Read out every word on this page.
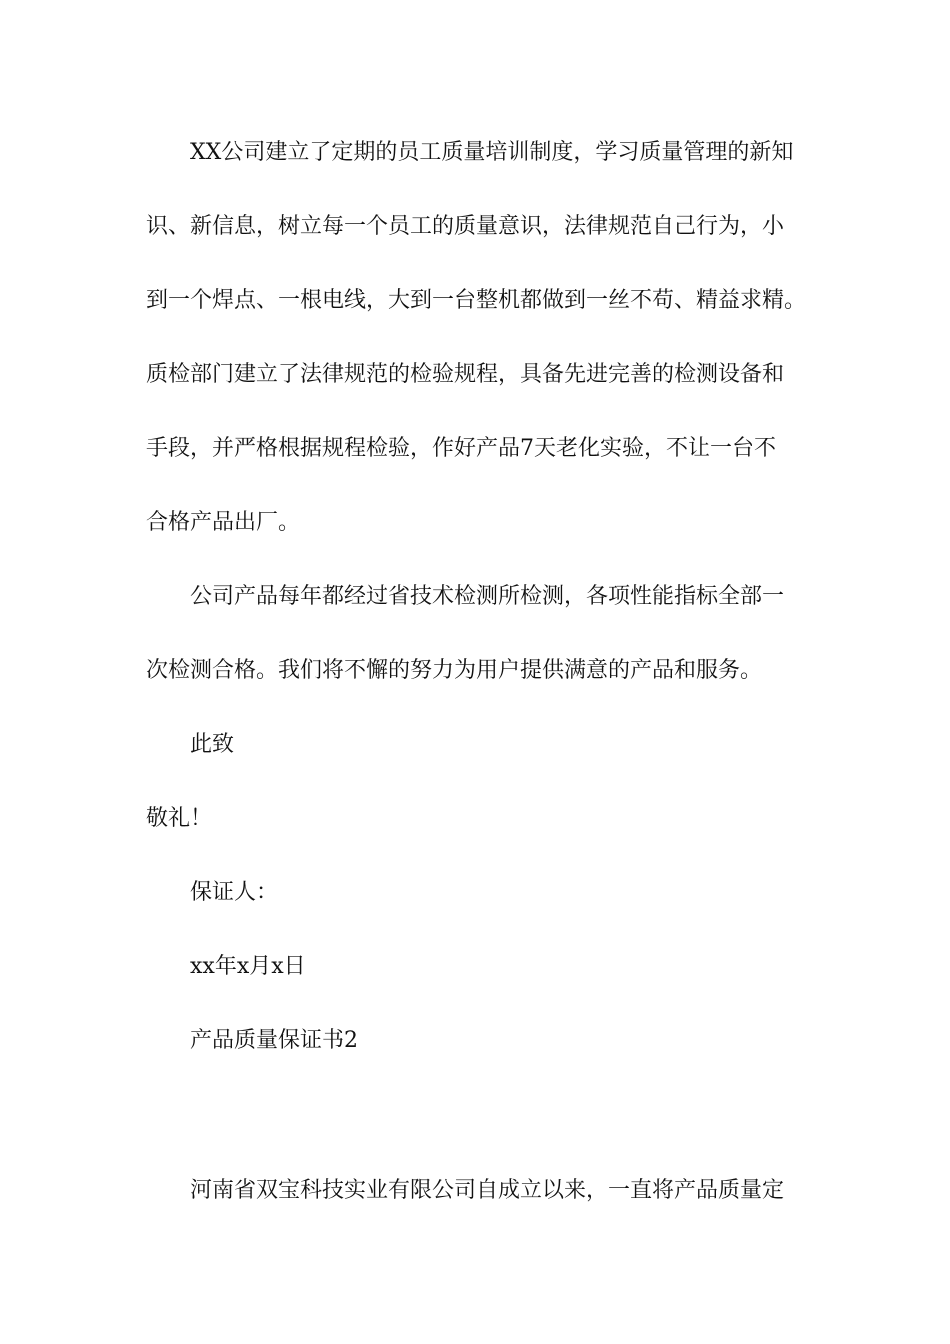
XX公司建立了定期的员工质量培训制度，学习质量管理的新知
识、新信息，树立每一个员工的质量意识，法律规范自己行为，小
到一个焊点、一根电线，大到一台整机都做到一丝不苟、精益求精。
质检部门建立了法律规范的检验规程，具备先进完善的检测设备和
手段，并严格根据规程检验，作好产品7天老化实验，不让一台不
合格产品出厂。
公司产品每年都经过省技术检测所检测，各项性能指标全部一
次检测合格。我们将不懈的努力为用户提供满意的产品和服务。
此致
敬礼！
保证人：
xx年x月x日
产品质量保证书2
河南省双宝科技实业有限公司自成立以来，一直将产品质量定
